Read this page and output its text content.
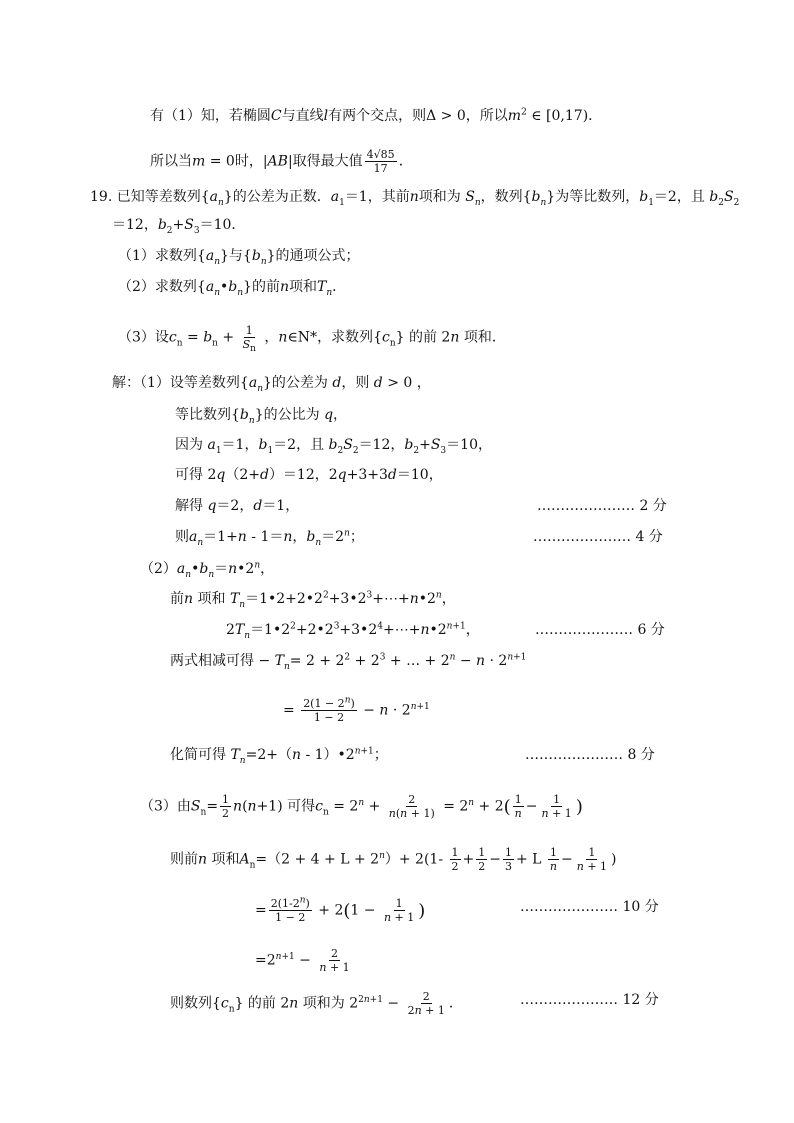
有（1）知，若椭圆C与直线l有两个交点，则Δ > 0，所以$m^2$ ∈ [0,17)．
所以当m = 0时，|AB|取得最大值 $\frac{4√85}{17}$ ．
19. 已知等差数列$\{a_n\}$的公差为正数．$a_1=1$，其前n项和为 $S_n$，数列$\{b_n\}$为等比数列，$b_1=2$，且 $b_2S_2$
＝12，$b_2+S_3=10$．
（1）求数列$\{a_n\}$与$\{b_n\}$的通项公式；
（2）求数列$\{a_n•b_n\}$的前n项和$T_n$．
（3）设$c_n = b_n + \frac{1}{S_n}$ ，n∈N*，求数列$\{c_n\}$ 的前 2n 项和．
解：（1）设等差数列$\{a_n\}$的公差为 d，则 d > 0 ，
等比数列$\{b_n\}$的公比为 q，
因为 $a_1=1$，$b_1=2$，且 $b_2S_2=12$，$b_2+S_3=10$，
可得 2q（2+d）＝12，2q+3+3d＝10，
解得 q＝2，d＝1，	………………… 2 分
则$a_n=1+n - 1=n$，$b_n=2^n$；	………………… 4 分
$(2)a_n•b_n=n•2^n$，
前n 项和 $T_n=1•2+2•2^2+3•2^3+\cdots+n•2^n$，
$2T_n=1•2^2+2•2^3+3•2^4+\cdots+n•2^{n+1}$，	………………… 6 分
两式相减可得 − $T_n= 2 + 2^2 + 2^3$ + … + $2^n - n \cdot 2^{n+1}$
= $\frac{2(1 - 2^n)}{1 - 2} - n \cdot 2^{n+1}$
化简可得 $T_n=2+(n$ - $1)•2^{n+1}$；	………………… 8 分
（3）由$S_n= \frac{1}{2} n(n+1)$ 可得$c_n = 2^n + \frac{2}{n(n + 1)} = 2^n + 2( \frac{1}{n} - \frac{1}{n + 1}$ )
则前n 项和$A_n=(2 + 4 + L + 2^n)+ 2(1- \frac{1}{2} + \frac{1}{2} - \frac{1}{3} + L \frac{1}{n} - \frac{1}{n + 1}$ )
= $\frac{2(1-2^n)}{1 - 2} + 2(1 - \frac{1}{n + 1}$ )	………………… 10 分
$=2^{n+1} - \frac{2}{n + 1}$
则数列$\{c_n\}$ 的前 2n 项和为 $2^{2n+1} - \frac{2}{2n + 1}$ ．	………………… 12 分
